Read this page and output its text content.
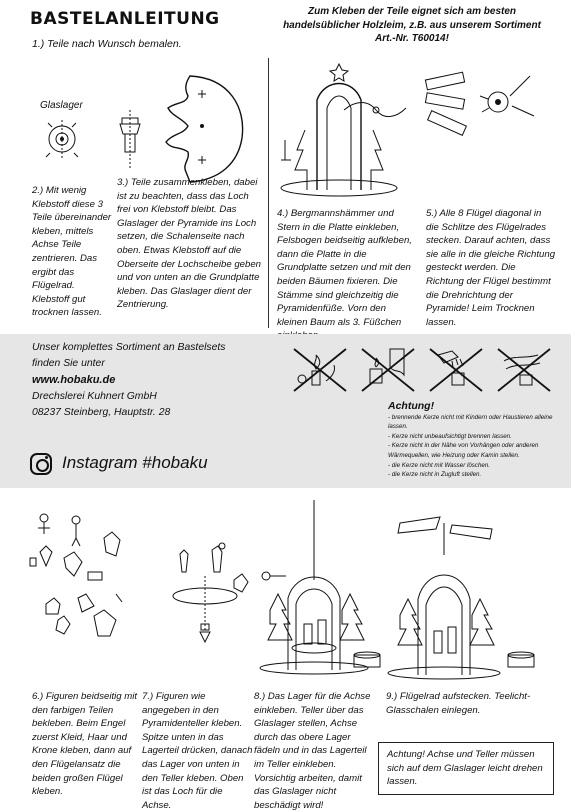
BASTELANLEITUNG	Zum Kleben der Teile eignet sich am besten handelsüblicher Holzleim, z.B. aus unserem Sortiment Art.-Nr. T60014!
1.) Teile nach Wunsch bemalen.
Glaslager
2.) Mit wenig Klebstoff diese 3 Teile übereinander kleben, mittels Achse Teile zentrieren. Das ergibt das Flügelrad. Klebstoff gut trocknen lassen.
3.) Teile zusammenkleben, dabei ist zu beachten, dass das Loch frei von Klebstoff bleibt. Das Glaslager der Pyramide ins Loch setzen, die Schalenseite nach oben. Etwas Klebstoff auf die Oberseite der Lochscheibe geben und von unten an die Grundplatte kleben. Das Glaslager dient der Zentrierung.
4.) Bergmannshämmer und Stern in die Platte einkleben, Felsbogen beidseitig aufkleben, dann die Platte in die Grundplatte setzen und mit den beiden Bäumen fixieren. Die Stämme sind gleichzeitig die Pyramidenfüße. Vorn den kleinen Baum als 3. Füßchen
5.) Alle 8 Flügel diagonal in die Schlitze des Flügelrades stecken. Darauf achten, dass sie alle in die gleiche Richtung gesteckt werden. Die Richtung der Flügel bestimmt die Drehrichtung der Pyramide! Leim Trocknen lassen.
Unser komplettes Sortiment an Bastelsets
finden Sie unter
www.hobaku.de
Drechslerei Kuhnert GmbH
08237 Steinberg, Hauptstr. 28
Instagram #hobaku
Achtung!
- brennende Kerze nicht mit Kindern oder Haustieren alleine lassen.
- Kerze nicht unbeaufsichtigt brennen lassen.
- Kerze nicht in der Nähe von Vorhängen oder anderen Wärmequellen, wie Heizung oder Kamin stellen.
- die Kerze nicht mit Wasser löschen.
- die Kerze nicht in Zugluft stellen.
6.) Figuren beidseitig mit den farbigen Teilen bekleben. Beim Engel zuerst Kleid, Haar und Krone kleben, dann auf den Flügelansatz die beiden großen Flügel kleben.
7.) Figuren wie angegeben in den Pyramidenteller kleben. Spitze unten in das Lagerteil drücken, danach das Lager von unten in den Teller kleben. Oben ist das Loch für die Achse.
8.) Das Lager für die Achse einkleben. Teller über das Glaslager stellen, Achse durch das obere Lager fädeln und in das Lagerteil im Teller einkleben. Vorsichtig arbeiten, damit das Glaslager nicht beschädigt wird!
9.) Flügelrad aufstecken. Teelicht-Glasschalen einlegen.
Achtung! Achse und Teller müssen sich auf dem Glaslager leicht drehen lassen.
